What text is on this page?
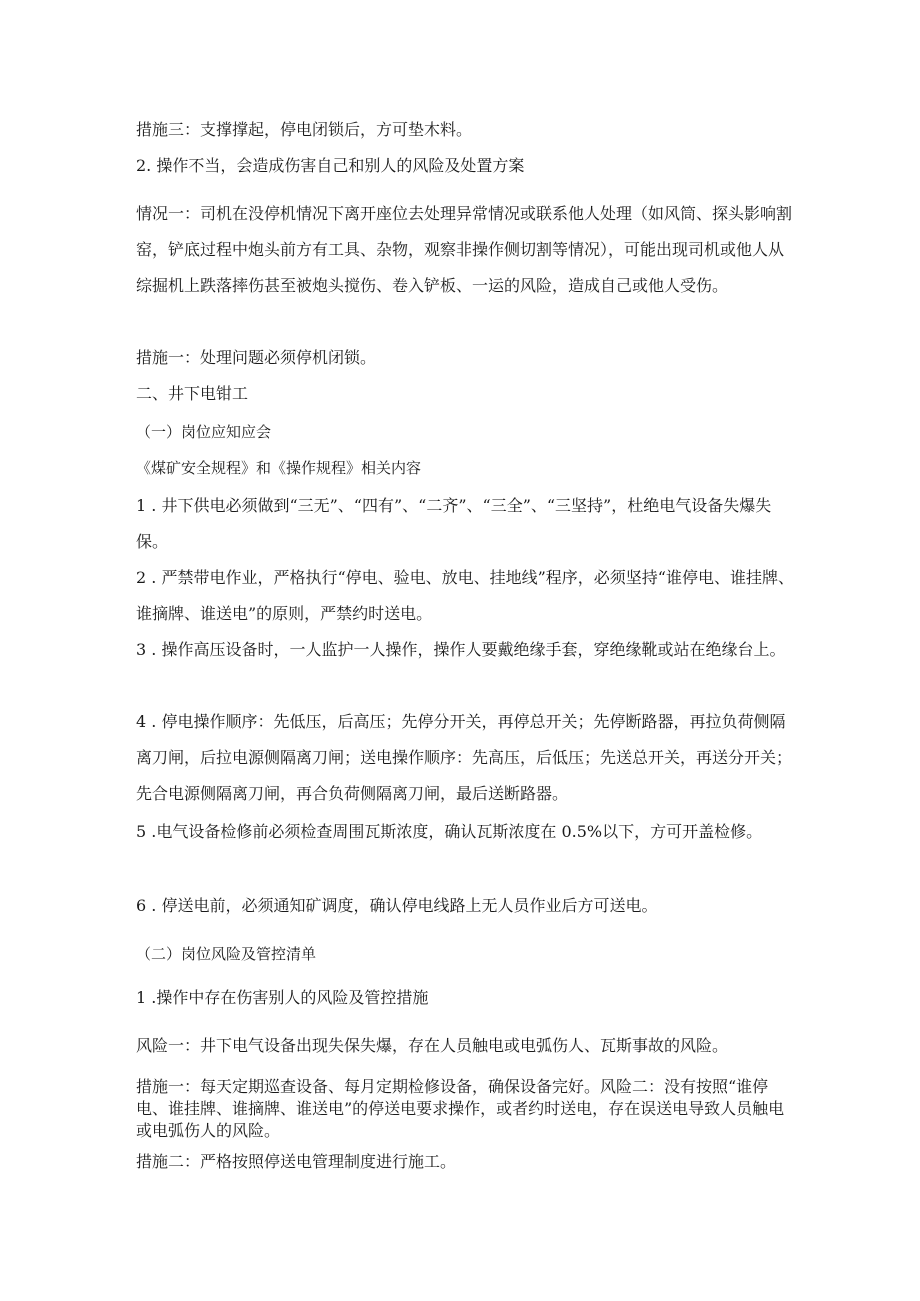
措施三：支撑撑起，停电闭锁后，方可垫木料。

2. 操作不当，会造成伤害自己和别人的风险及处置方案

情况一：司机在没停机情况下离开座位去处理异常情况或联系他人处理（如风筒、探头影响割窑，铲底过程中炮头前方有工具、杂物，观察非操作侧切割等情况），可能出现司机或他人从综掘机上跌落摔伤甚至被炮头搅伤、卷入铲板、一运的风险，造成自己或他人受伤。

措施一：处理问题必须停机闭锁。

二、井下电钳工

（一）岗位应知应会

《煤矿安全规程》和《操作规程》相关内容

1 . 井下供电必须做到“三无”、“四有”、“二齐”、“三全”、“三坚持”，杜绝电气设备失爆失保。

2 . 严禁带电作业，严格执行“停电、验电、放电、挂地线”程序，必须坚持“谁停电、谁挂牌、谁摘牌、谁送电”的原则，严禁约时送电。

3 . 操作高压设备时，一人监护一人操作，操作人要戴绝缘手套，穿绝缘靴或站在绝缘台上。

4 . 停电操作顺序：先低压，后高压；先停分开关，再停总开关；先停断路器，再拉负荷侧隔离刀闸，后拉电源侧隔离刀闸；送电操作顺序：先高压，后低压；先送总开关，再送分开关；先合电源侧隔离刀闸，再合负荷侧隔离刀闸，最后送断路器。

5 .电气设备检修前必须检查周围瓦斯浓度，确认瓦斯浓度在 0.5%以下，方可开盖检修。

6 . 停送电前，必须通知矿调度，确认停电线路上无人员作业后方可送电。

（二）岗位风险及管控清单

1 .操作中存在伤害别人的风险及管控措施

风险一：井下电气设备出现失保失爆，存在人员触电或电弧伤人、瓦斯事故的风险。

措施一：每天定期巡查设备、每月定期检修设备，确保设备完好。风险二：没有按照“谁停电、谁挂牌、谁摘牌、谁送电”的停送电要求操作，或者约时送电，存在误送电导致人员触电或电弧伤人的风险。

措施二：严格按照停送电管理制度进行施工。
